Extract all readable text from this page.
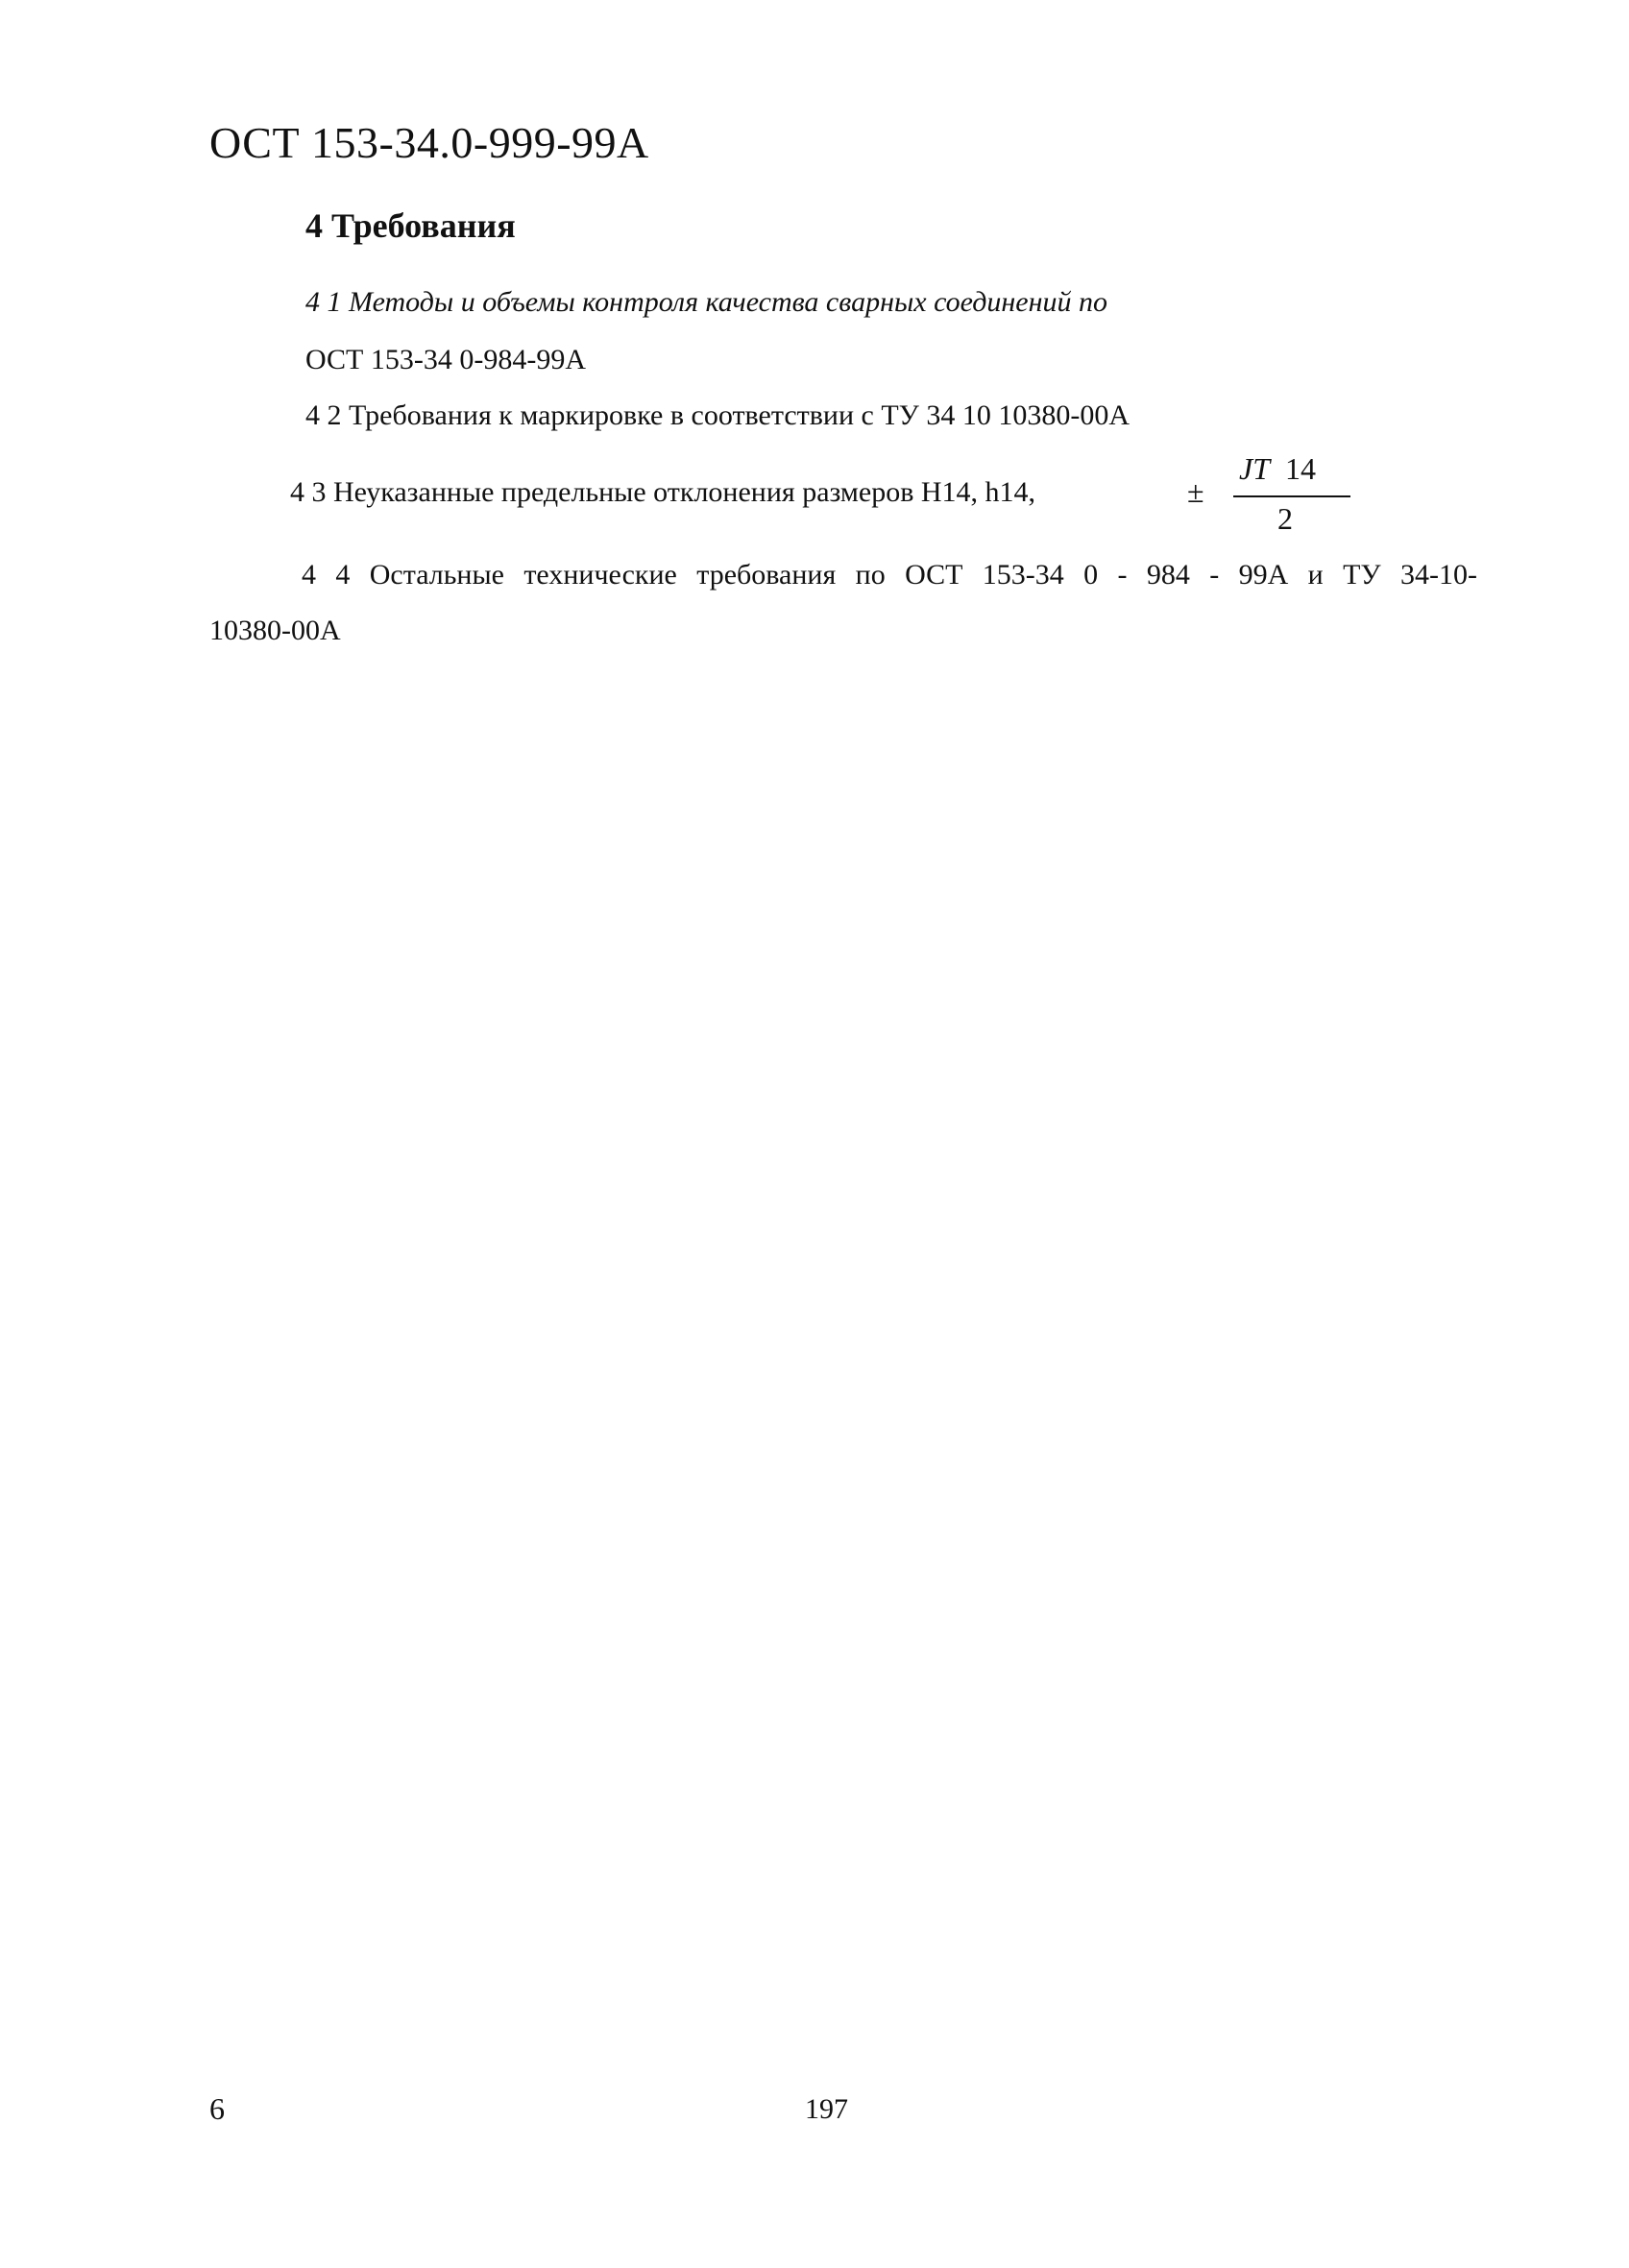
ОСТ 153-34.0-999-99А
4 Требования
4 1 Методы и объемы контроля качества сварных соединений по
ОСТ 153-34 0-984-99А
4 2 Требования к маркировке в соответствии с ТУ 34 10 10380-00А
4 3 Неуказанные предельные отклонения размеров H14, h14,	±
JT 14
2
4 4 Остальные технические требования по ОСТ 153-34 0 - 984 - 99А и ТУ 34-10-
10380-00А
6	197
